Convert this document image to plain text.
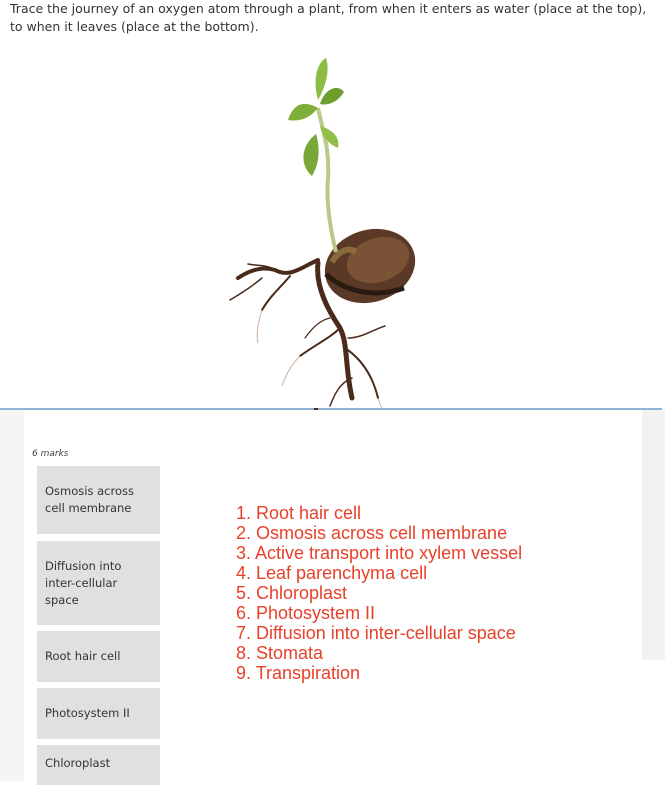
Trace the journey of an oxygen atom through a plant, from when it enters as water (place at the top), to when it leaves (place at the bottom).
6 marks
Osmosis across cell membrane
Diffusion into inter-cellular space
Root hair cell
Photosystem II
Chloroplast
1. Root hair cell
2. Osmosis across cell membrane
3. Active transport into xylem vessel
4. Leaf parenchyma cell
5. Chloroplast
6. Photosystem II
7. Diffusion into inter-cellular space
8. Stomata
9. Transpiration
